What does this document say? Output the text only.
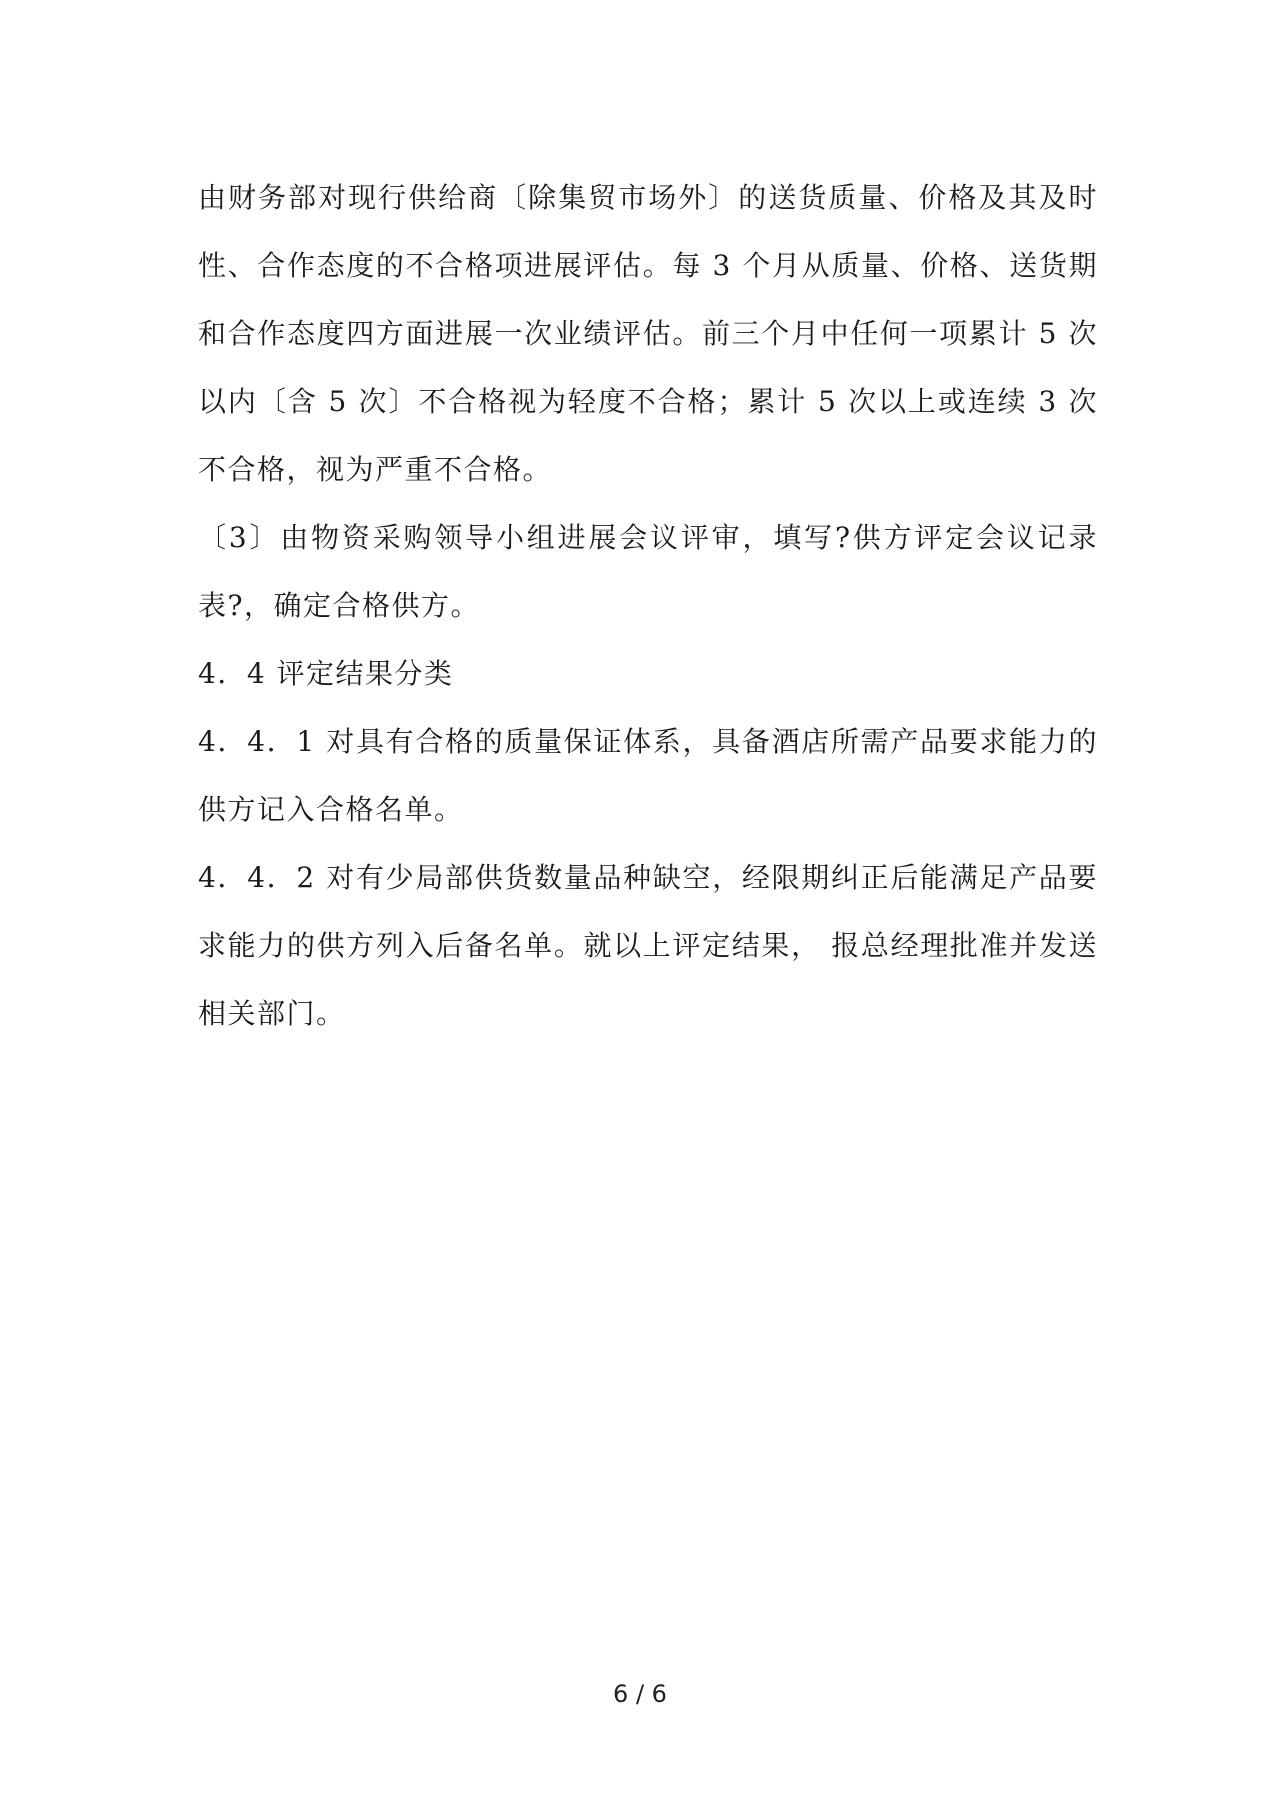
由财务部对现行供给商〔除集贸市场外〕的送货质量、价格及其及时性、合作态度的不合格项进展评估。每 3 个月从质量、价格、送货期和合作态度四方面进展一次业绩评估。前三个月中任何一项累计 5 次以内〔含 5 次〕不合格视为轻度不合格；累计 5 次以上或连续 3 次不合格，视为严重不合格。

〔3〕由物资采购领导小组进展会议评审，填写?供方评定会议记录表?，确定合格供方。

4．4 评定结果分类

4．4．1 对具有合格的质量保证体系，具备酒店所需产品要求能力的供方记入合格名单。

4．4．2 对有少局部供货数量品种缺空，经限期纠正后能满足产品要求能力的供方列入后备名单。就以上评定结果， 报总经理批准并发送相关部门。

6 / 6
